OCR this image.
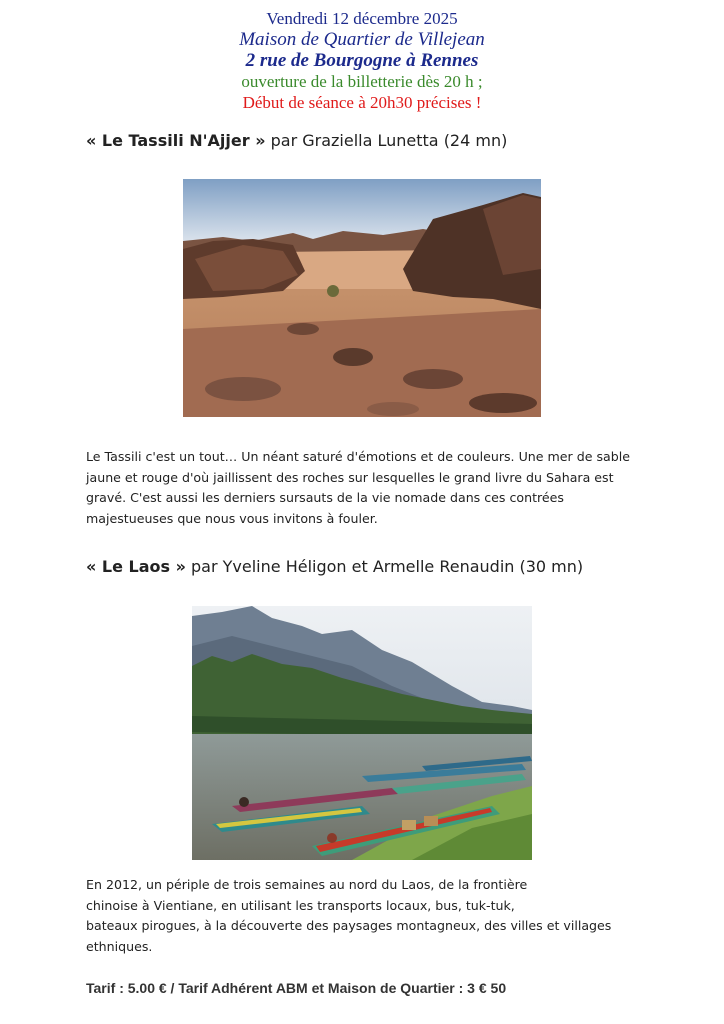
Vendredi 12 décembre 2025
Maison de Quartier de Villejean
2 rue de Bourgogne à Rennes
ouverture de la billetterie dès 20 h ;
Début de séance à 20h30 précises !
« Le Tassili N'Ajjer » par Graziella Lunetta (24 mn)
Le Tassili c'est un tout… Un néant saturé d'émotions et de couleurs. Une mer de sable
jaune et rouge d'où jaillissent des roches sur lesquelles le grand livre du Sahara est
gravé. C'est aussi les derniers sursauts de la vie nomade dans ces contrées
majestueuses que nous vous invitons à fouler.
« Le Laos » par Yveline Héligon et Armelle Renaudin (30 mn)
En 2012, un périple de trois semaines au nord du Laos, de la frontière
chinoise à Vientiane, en utilisant les transports locaux, bus, tuk-tuk,
bateaux pirogues, à la découverte des paysages montagneux, des villes et villages
ethniques.
Tarif : 5.00 € / Tarif Adhérent ABM et Maison de Quartier : 3 € 50
